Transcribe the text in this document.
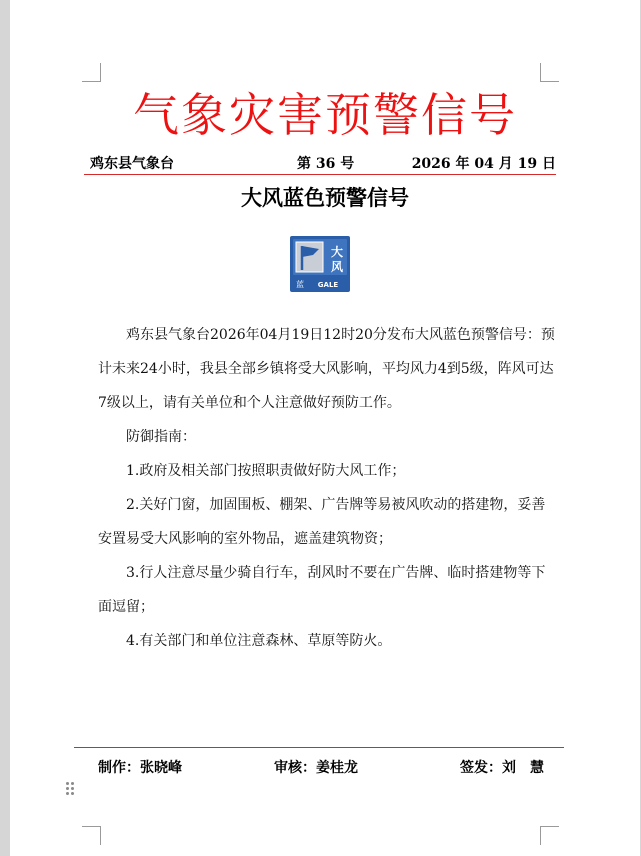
气象灾害预警信号
鸡东县气象台	第 36 号	2026 年 04 月 19 日
大风蓝色预警信号
大
风
蓝 GALE

鸡东县气象台2026年04月19日12时20分发布大风蓝色预警信号：预计未来24小时，我县全部乡镇将受大风影响，平均风力4到5级，阵风可达7级以上，请有关单位和个人注意做好预防工作。

防御指南：

1.政府及相关部门按照职责做好防大风工作；

2.关好门窗，加固围板、棚架、广告牌等易被风吹动的搭建物，妥善安置易受大风影响的室外物品，遮盖建筑物资；

3.行人注意尽量少骑自行车，刮风时不要在广告牌、临时搭建物等下面逗留；

4.有关部门和单位注意森林、草原等防火。

制作：张晓峰	审核：姜桂龙	签发：刘　慧
